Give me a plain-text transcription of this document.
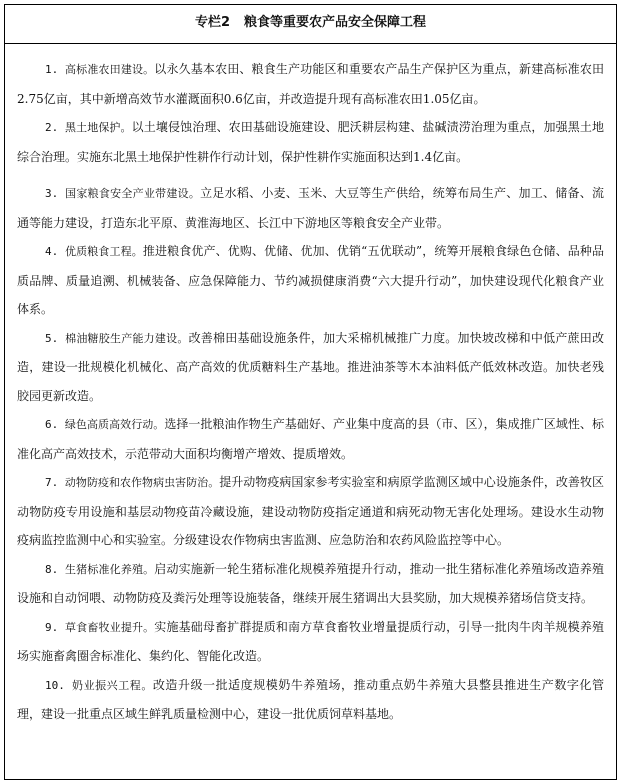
专栏2 粮食等重要农产品安全保障工程

1. 高标准农田建设。以永久基本农田、粮食生产功能区和重要农产品生产保护区为重点，新建高标准农田2.75亿亩，其中新增高效节水灌溉面积0.6亿亩，并改造提升现有高标准农田1.05亿亩。

2. 黑土地保护。以土壤侵蚀治理、农田基础设施建设、肥沃耕层构建、盐碱渍涝治理为重点，加强黑土地综合治理。实施东北黑土地保护性耕作行动计划，保护性耕作实施面积达到1.4亿亩。

3. 国家粮食安全产业带建设。立足水稻、小麦、玉米、大豆等生产供给，统筹布局生产、加工、储备、流通等能力建设，打造东北平原、黄淮海地区、长江中下游地区等粮食安全产业带。

4. 优质粮食工程。推进粮食优产、优购、优储、优加、优销“五优联动”，统筹开展粮食绿色仓储、品种品质品牌、质量追溯、机械装备、应急保障能力、节约减损健康消费“六大提升行动”，加快建设现代化粮食产业体系。

5. 棉油糖胶生产能力建设。改善棉田基础设施条件，加大采棉机械推广力度。加快坡改梯和中低产蔗田改造，建设一批规模化机械化、高产高效的优质糖料生产基地。推进油茶等木本油料低产低效林改造。加快老残胶园更新改造。

6. 绿色高质高效行动。选择一批粮油作物生产基础好、产业集中度高的县（市、区），集成推广区域性、标准化高产高效技术，示范带动大面积均衡增产增效、提质增效。

7. 动物防疫和农作物病虫害防治。提升动物疫病国家参考实验室和病原学监测区域中心设施条件，改善牧区动物防疫专用设施和基层动物疫苗冷藏设施，建设动物防疫指定通道和病死动物无害化处理场。建设水生动物疫病监控监测中心和实验室。分级建设农作物病虫害监测、应急防治和农药风险监控等中心。

8. 生猪标准化养殖。启动实施新一轮生猪标准化规模养殖提升行动，推动一批生猪标准化养殖场改造养殖设施和自动饲喂、动物防疫及粪污处理等设施装备，继续开展生猪调出大县奖励，加大规模养猪场信贷支持。

9. 草食畜牧业提升。实施基础母畜扩群提质和南方草食畜牧业增量提质行动，引导一批肉牛肉羊规模养殖场实施畜禽圈舍标准化、集约化、智能化改造。

10. 奶业振兴工程。改造升级一批适度规模奶牛养殖场，推动重点奶牛养殖大县整县推进生产数字化管理，建设一批重点区域生鲜乳质量检测中心，建设一批优质饲草料基地。
